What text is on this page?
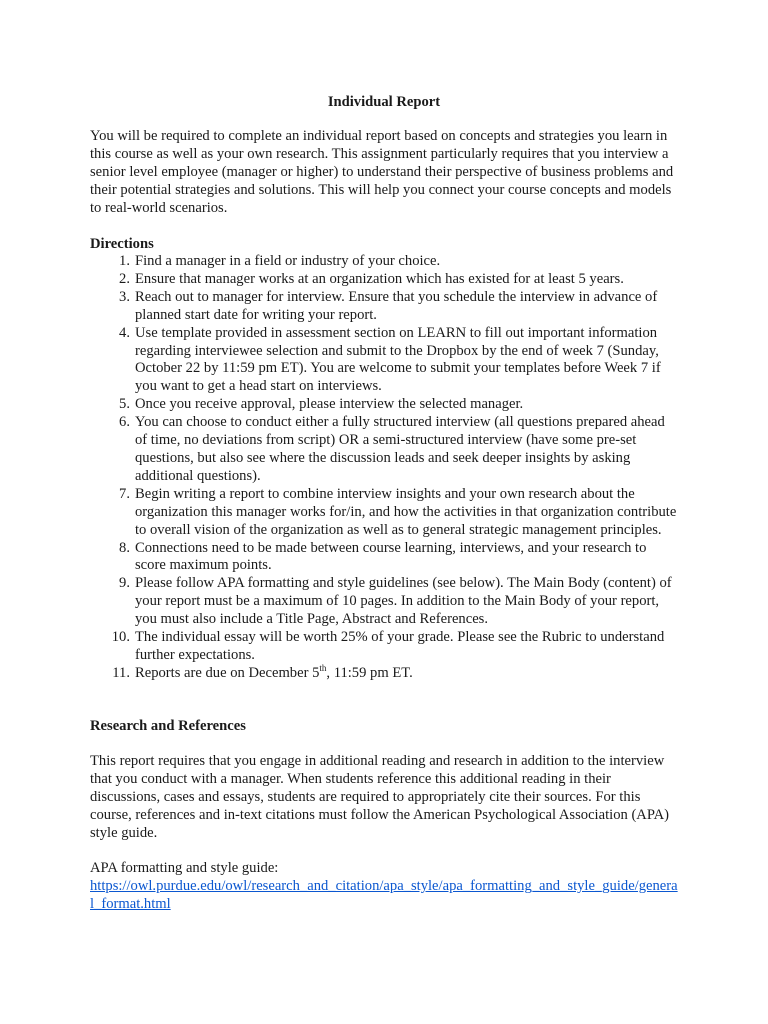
Individual Report

You will be required to complete an individual report based on concepts and strategies you learn in this course as well as your own research. This assignment particularly requires that you interview a senior level employee (manager or higher) to understand their perspective of business problems and their potential strategies and solutions. This will help you connect your course concepts and models to real-world scenarios.

Directions
1. Find a manager in a field or industry of your choice.
2. Ensure that manager works at an organization which has existed for at least 5 years.
3. Reach out to manager for interview. Ensure that you schedule the interview in advance of planned start date for writing your report.
4. Use template provided in assessment section on LEARN to fill out important information regarding interviewee selection and submit to the Dropbox by the end of week 7 (Sunday, October 22 by 11:59 pm ET). You are welcome to submit your templates before Week 7 if you want to get a head start on interviews.
5. Once you receive approval, please interview the selected manager.
6. You can choose to conduct either a fully structured interview (all questions prepared ahead of time, no deviations from script) OR a semi-structured interview (have some pre-set questions, but also see where the discussion leads and seek deeper insights by asking additional questions).
7. Begin writing a report to combine interview insights and your own research about the organization this manager works for/in, and how the activities in that organization contribute to overall vision of the organization as well as to general strategic management principles.
8. Connections need to be made between course learning, interviews, and your research to score maximum points.
9. Please follow APA formatting and style guidelines (see below). The Main Body (content) of your report must be a maximum of 10 pages. In addition to the Main Body of your report, you must also include a Title Page, Abstract and References.
10. The individual essay will be worth 25% of your grade. Please see the Rubric to understand further expectations.
11. Reports are due on December 5th, 11:59 pm ET.
Research and References

This report requires that you engage in additional reading and research in addition to the interview that you conduct with a manager. When students reference this additional reading in their discussions, cases and essays, students are required to appropriately cite their sources. For this course, references and in-text citations must follow the American Psychological Association (APA) style guide.

APA formatting and style guide:

https://owl.purdue.edu/owl/research_and_citation/apa_style/apa_formatting_and_style_guide/general_format.html
